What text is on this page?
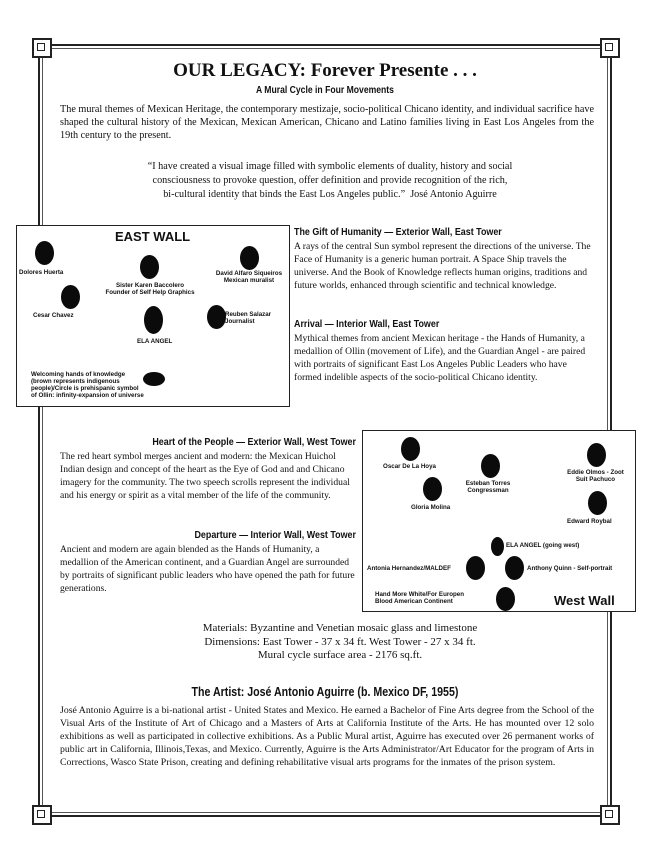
OUR LEGACY: Forever Presente . . .
A Mural Cycle in Four Movements
The mural themes of Mexican Heritage, the contemporary mestizaje, socio-political Chicano identity, and individual sacrifice have shaped the cultural history of the Mexican, Mexican American, Chicano and Latino families living in East Los Angeles from the 19th century to the present.
“I have created a visual image filled with symbolic elements of duality, history and social
consciousness to provoke question, offer definition and provide recognition of the rich,
bi-cultural identity that binds the East Los Angeles public.” José Antonio Aguirre
EAST WALL
Dolores Huerta
Sister Karen Baccolero
Founder of Self Help Graphics
David Alfaro Siqueiros
Mexican muralist
Cesar Chavez	Reuben Salazar
Journalist
ELA ANGEL
Welcoming hands of knowledge
(brown represents indigenous
people)/Circle is prehispanic symbol
of Ollin: infinity-expansion of universe
The Gift of Humanity — Exterior Wall, East Tower
A rays of the central Sun symbol represent the directions of the universe. The Face of Humanity is a generic human portrait. A Space Ship travels the universe. And the Book of Knowledge reflects human origins, traditions and future worlds, enhanced through scientific and technical knowledge.
Arrival — Interior Wall, East Tower
Mythical themes from ancient Mexican heritage - the Hands of Humanity, a medallion of Ollin (movement of Life), and the Guardian Angel - are paired with portraits of significant East Los Angeles Public Leaders who have formed indelible aspects of the socio-political Chicano identity.
Heart of the People — Exterior Wall, West Tower
The red heart symbol merges ancient and modern: the Mexican Huichol Indian design and concept of the heart as the Eye of God and and Chicano imagery for the community. The two speech scrolls represent the individual and his energy or spirit as a vital member of the life of the community.
Departure — Interior Wall, West Tower
Ancient and modern are again blended as the Hands of Humanity, a medallion of the American continent, and a Guardian Angel are surrounded by portraits of significant public leaders who have opened the path for future generations.
Oscar De La Hoya
Esteban Torres
Congressman
Eddie Olmos - Zoot
Suit Pachuco
Gloria Molina
Edward Roybal
ELA ANGEL (going west)
Antonia Hernandez/MALDEF	Anthony Quinn - Self-portrait
Hand More White/For Europen
Blood American Continent	West Wall
Materials: Byzantine and Venetian mosaic glass and limestone
Dimensions: East Tower - 37 x 34 ft. West Tower - 27 x 34 ft.
Mural cycle surface area - 2176 sq.ft.
The Artist: José Antonio Aguirre (b. Mexico DF, 1955)
José Antonio Aguirre is a bi-national artist - United States and Mexico. He earned a Bachelor of Fine Arts degree from the School of the Visual Arts of the Institute of Art of Chicago and a Masters of Arts at California Institute of the Arts. He has mounted over 12 solo exhibitions as well as participated in collective exhibitions. As a Public Mural artist, Aguirre has executed over 26 permanent works of public art in California, Illinois,Texas, and Mexico. Currently, Aguirre is the Arts Administrator/Art Educator for the program of Arts in Corrections, Wasco State Prison, creating and defining rehabilitative visual arts programs for the inmates of the prison system.
